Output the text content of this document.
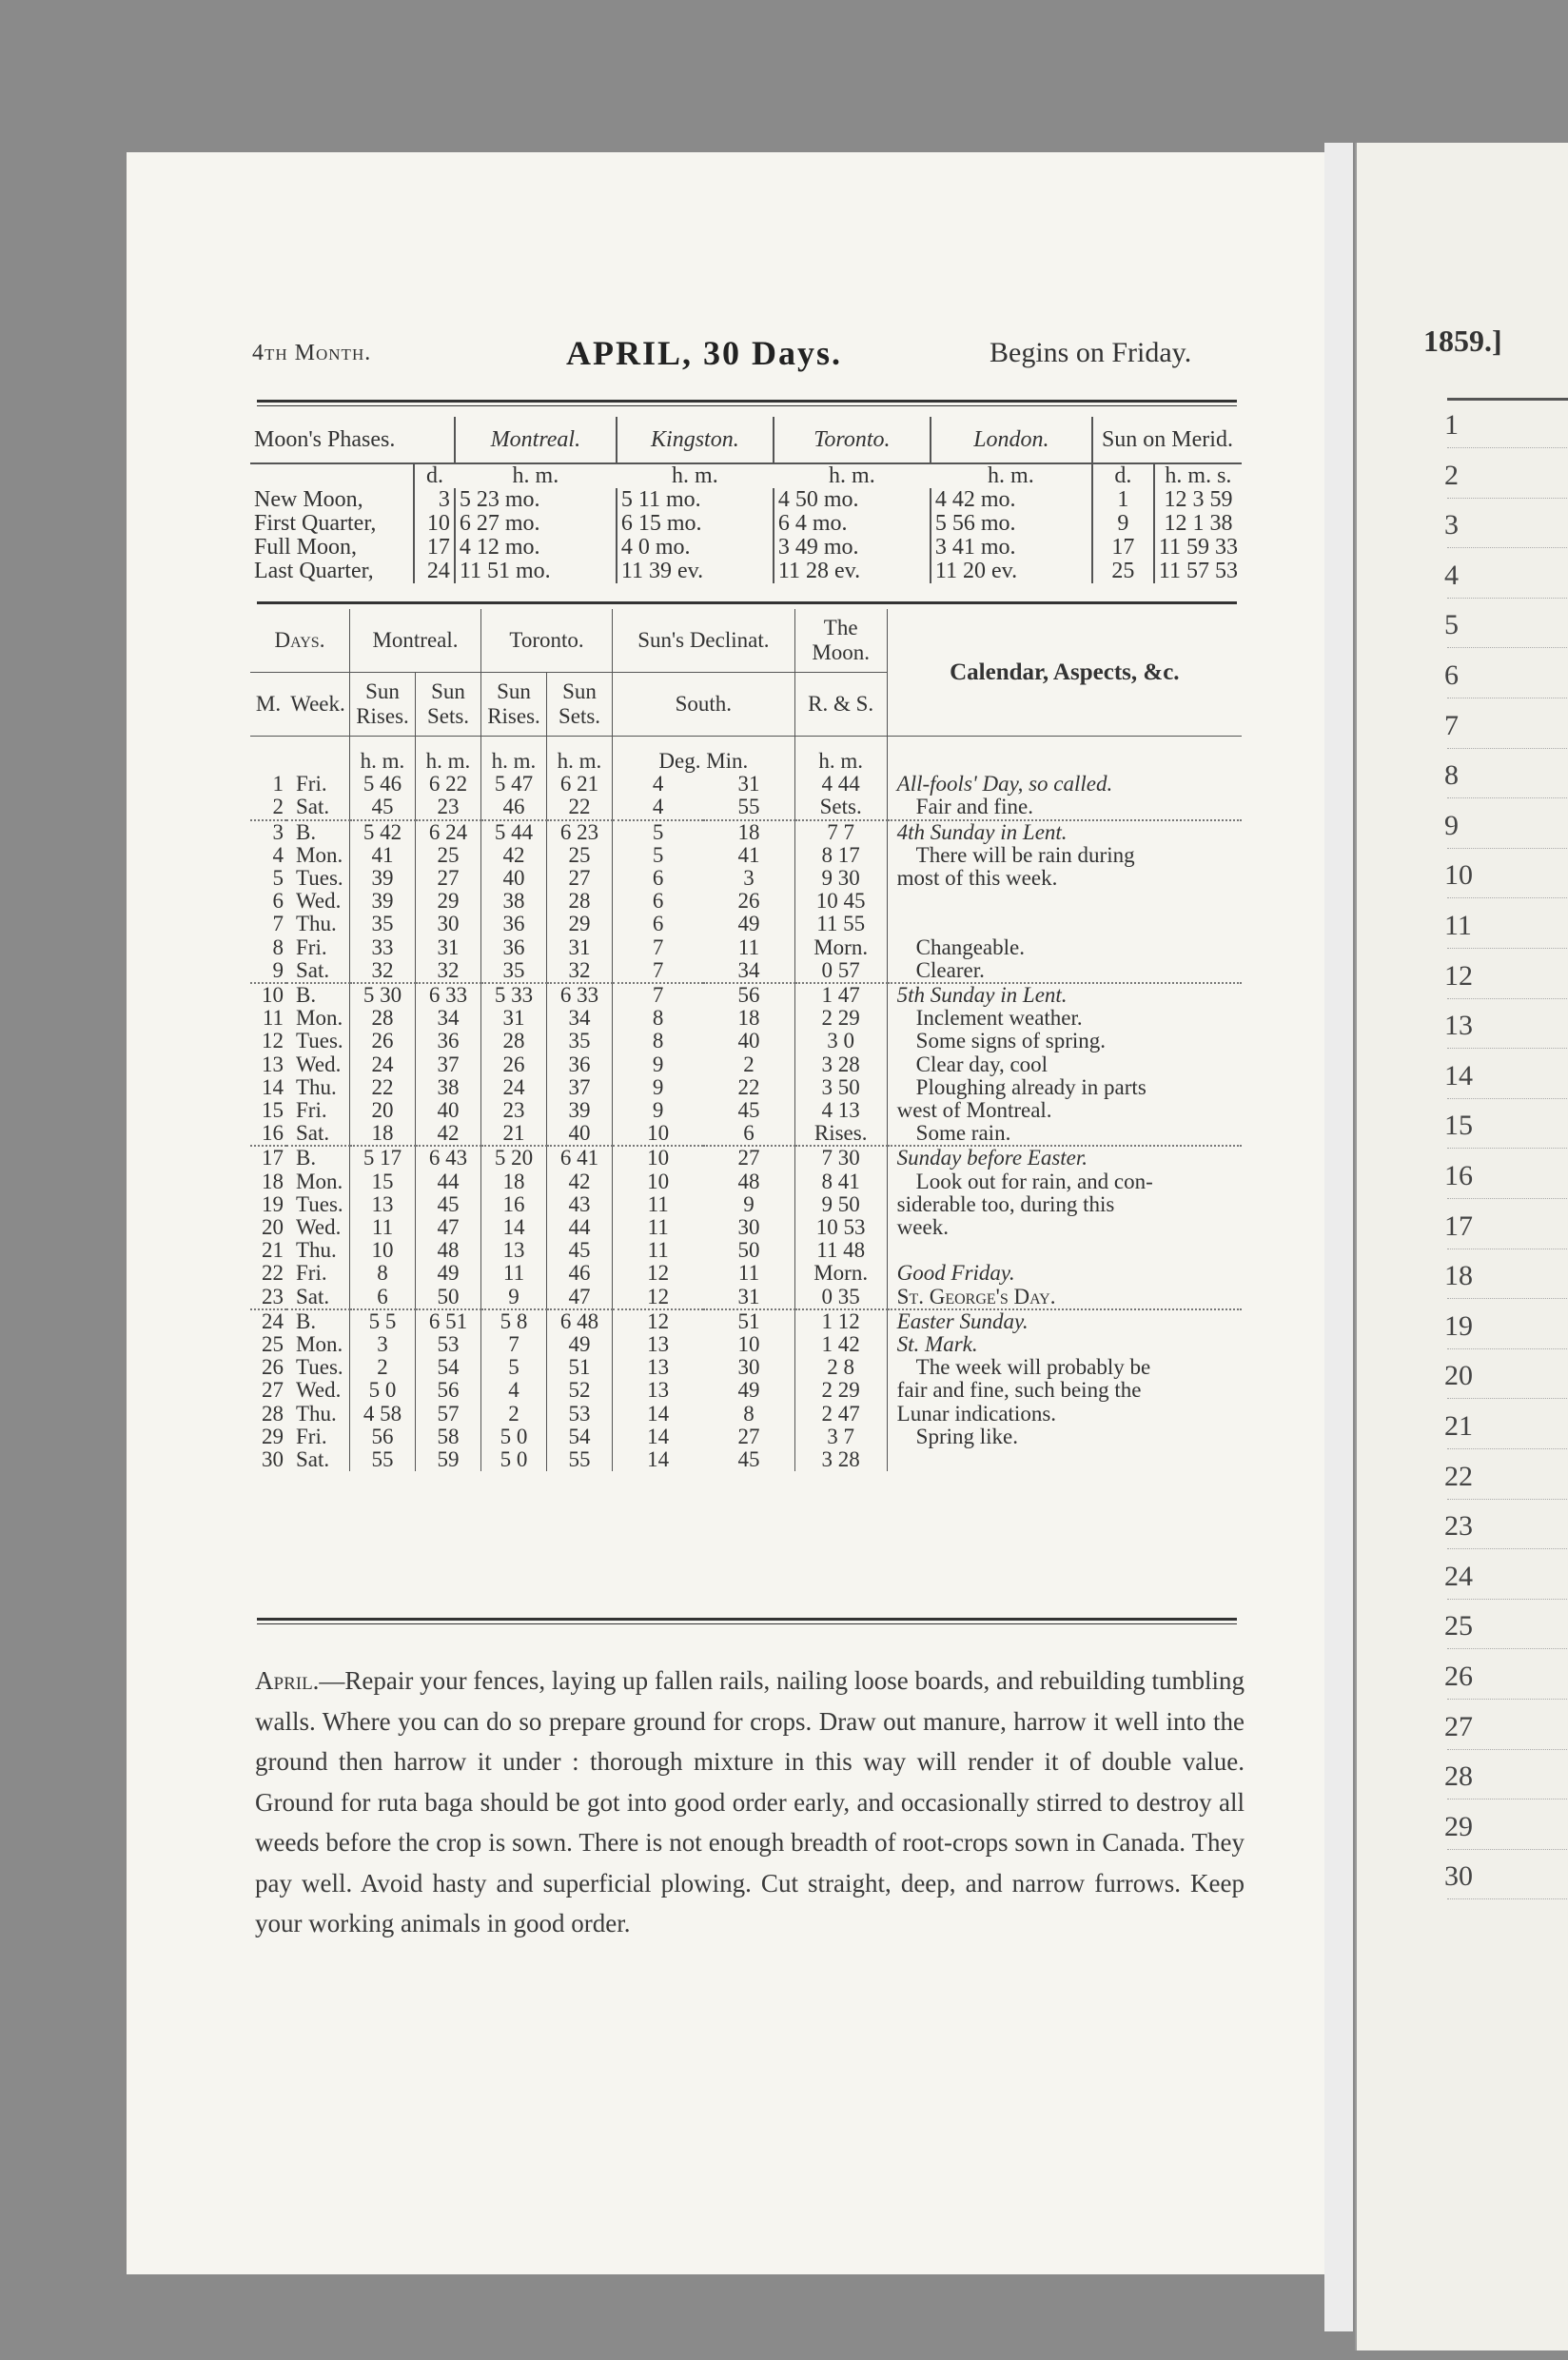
1859.]
1
2
3
4
5
6
7
8
9
10
11
12
13
14
15
16
17
18
19
20
21
22
23
24
25
26
27
28
29
30
4th Month.	APRIL, 30 Days.	Begins on Friday.
Moon's Phases.		Montreal.	Kingston.	Toronto.	London.	Sun on Merid.	
	d.	h. m.	h. m.	h. m.	h. m.	d.	h. m. s.
New Moon,	3	5 23 mo.	5 11 mo.	4 50 mo.	4 42 mo.	1	12 3 59
First Quarter,	10	6 27 mo.	6 15 mo.	6 4 mo.	5 56 mo.	9	12 1 38
Full Moon,	17	4 12 mo.	4 0 mo.	3 49 mo.	3 41 mo.	17	11 59 33
Last Quarter,	24	11 51 mo.	11 39 ev.	11 28 ev.	11 20 ev.	25	11 57 53
Days.		Montreal.		Toronto.		Sun's Declinat.		The Moon.	Calendar, Aspects, &c.
M.	Week.	Sun Rises.	Sun Sets.	Sun Rises.	Sun Sets.	South.		R. & S.	
		h. m.	h. m.	h. m.	h. m.	Deg. Min.		h. m.	
1	Fri.	5 46	6 22	5 47	6 21	4	31	4 44	All-fools' Day, so called.
2	Sat.	45	23	46	22	4	55	Sets.	Fair and fine.
3	B.	5 42	6 24	5 44	6 23	5	18	7 7	4th Sunday in Lent.
4	Mon.	41	25	42	25	5	41	8 17	There will be rain during
5	Tues.	39	27	40	27	6	3	9 30	most of this week.
6	Wed.	39	29	38	28	6	26	10 45	
7	Thu.	35	30	36	29	6	49	11 55	
8	Fri.	33	31	36	31	7	11	Morn.	Changeable.
9	Sat.	32	32	35	32	7	34	0 57	Clearer.
10	B.	5 30	6 33	5 33	6 33	7	56	1 47	5th Sunday in Lent.
11	Mon.	28	34	31	34	8	18	2 29	Inclement weather.
12	Tues.	26	36	28	35	8	40	3 0	Some signs of spring.
13	Wed.	24	37	26	36	9	2	3 28	Clear day, cool
14	Thu.	22	38	24	37	9	22	3 50	Ploughing already in parts
15	Fri.	20	40	23	39	9	45	4 13	west of Montreal.
16	Sat.	18	42	21	40	10	6	Rises.	Some rain.
17	B.	5 17	6 43	5 20	6 41	10	27	7 30	Sunday before Easter.
18	Mon.	15	44	18	42	10	48	8 41	Look out for rain, and con-
19	Tues.	13	45	16	43	11	9	9 50	siderable too, during this
20	Wed.	11	47	14	44	11	30	10 53	week.
21	Thu.	10	48	13	45	11	50	11 48	
22	Fri.	8	49	11	46	12	11	Morn.	Good Friday.
23	Sat.	6	50	9	47	12	31	0 35	St. George's Day.
24	B.	5 5	6 51	5 8	6 48	12	51	1 12	Easter Sunday.
25	Mon.	3	53	7	49	13	10	1 42	St. Mark.
26	Tues.	2	54	5	51	13	30	2 8	The week will probably be
27	Wed.	5 0	56	4	52	13	49	2 29	fair and fine, such being the
28	Thu.	4 58	57	2	53	14	8	2 47	Lunar indications.
29	Fri.	56	58	5 0	54	14	27	3 7	Spring like.
30	Sat.	55	59	5 0	55	14	45	3 28	
April.—Repair your fences, laying up fallen rails, nailing loose boards, and rebuilding tumbling walls. Where you can do so prepare ground for crops. Draw out manure, harrow it well into the ground then harrow it under : thorough mixture in this way will render it of double value. Ground for ruta baga should be got into good order early, and occasionally stirred to destroy all weeds before the crop is sown. There is not enough breadth of root-crops sown in Canada. They pay well. Avoid hasty and superficial plowing. Cut straight, deep, and narrow furrows. Keep your working animals in good order.
